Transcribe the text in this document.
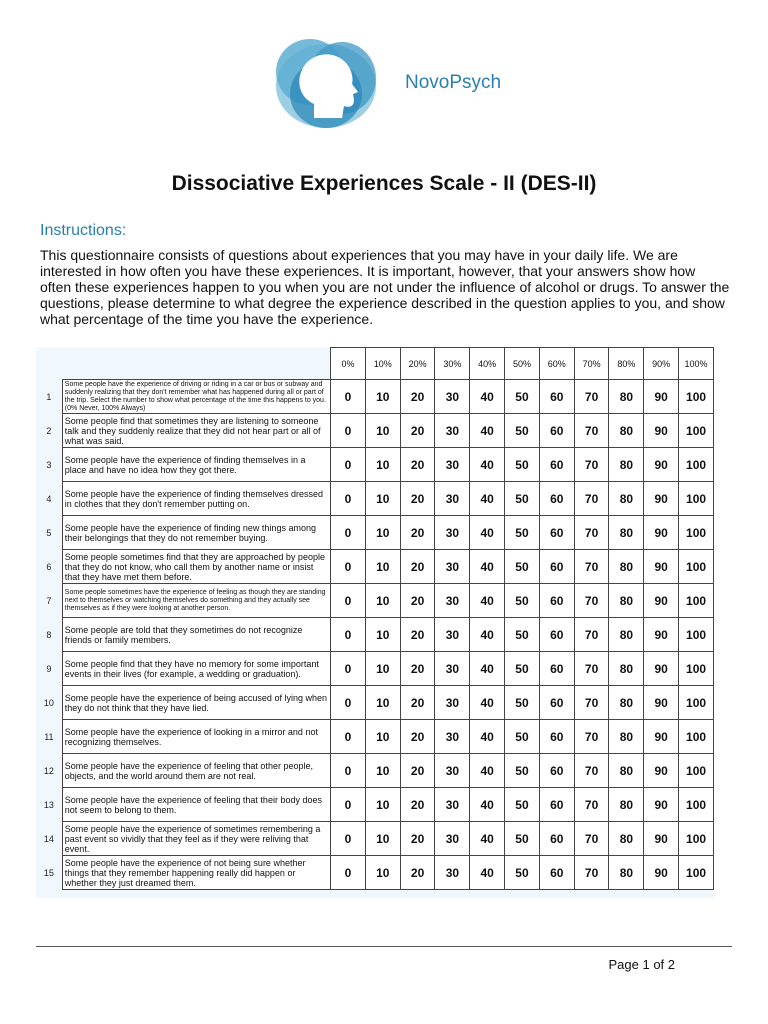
NovoPsych
Dissociative Experiences Scale - II (DES-II)
Instructions:
This questionnaire consists of questions about experiences that you may have in your daily life. We are interested in how often you have these experiences. It is important, however, that your answers show how often these experiences happen to you when you are not under the influence of alcohol or drugs. To answer the questions, please determine to what degree the experience described in the question applies to you, and show what percentage of the time you have the experience.
		0%	10%	20%	30%	40%	50%	60%	70%	80%	90%	100%
1	Some people have the experience of driving or riding in a car or bus or subway and suddenly realizing that they don't remember what has happened during all or part of the trip. Select the number to show what percentage of the time this happens to you. (0% Never, 100% Always)	0	10	20	30	40	50	60	70	80	90	100
2	Some people find that sometimes they are listening to someone talk and they suddenly realize that they did not hear part or all of what was said.	0	10	20	30	40	50	60	70	80	90	100
3	Some people have the experience of finding themselves in a place and have no idea how they got there.	0	10	20	30	40	50	60	70	80	90	100
4	Some people have the experience of finding themselves dressed in clothes that they don't remember putting on.	0	10	20	30	40	50	60	70	80	90	100
5	Some people have the experience of finding new things among their belongings that they do not remember buying.	0	10	20	30	40	50	60	70	80	90	100
6	Some people sometimes find that they are approached by people that they do not know, who call them by another name or insist that they have met them before.	0	10	20	30	40	50	60	70	80	90	100
7	Some people sometimes have the experience of feeling as though they are standing next to themselves or watching themselves do something and they actually see themselves as if they were looking at another person.	0	10	20	30	40	50	60	70	80	90	100
8	Some people are told that they sometimes do not recognize friends or family members.	0	10	20	30	40	50	60	70	80	90	100
9	Some people find that they have no memory for some important events in their lives (for example, a wedding or graduation).	0	10	20	30	40	50	60	70	80	90	100
10	Some people have the experience of being accused of lying when they do not think that they have lied.	0	10	20	30	40	50	60	70	80	90	100
11	Some people have the experience of looking in a mirror and not recognizing themselves.	0	10	20	30	40	50	60	70	80	90	100
12	Some people have the experience of feeling that other people, objects, and the world around them are not real.	0	10	20	30	40	50	60	70	80	90	100
13	Some people have the experience of feeling that their body does not seem to belong to them.	0	10	20	30	40	50	60	70	80	90	100
14	Some people have the experience of sometimes remembering a past event so vividly that they feel as if they were reliving that event.	0	10	20	30	40	50	60	70	80	90	100
15	Some people have the experience of not being sure whether things that they remember happening really did happen or whether they just dreamed them.	0	10	20	30	40	50	60	70	80	90	100
Page 1 of 2
